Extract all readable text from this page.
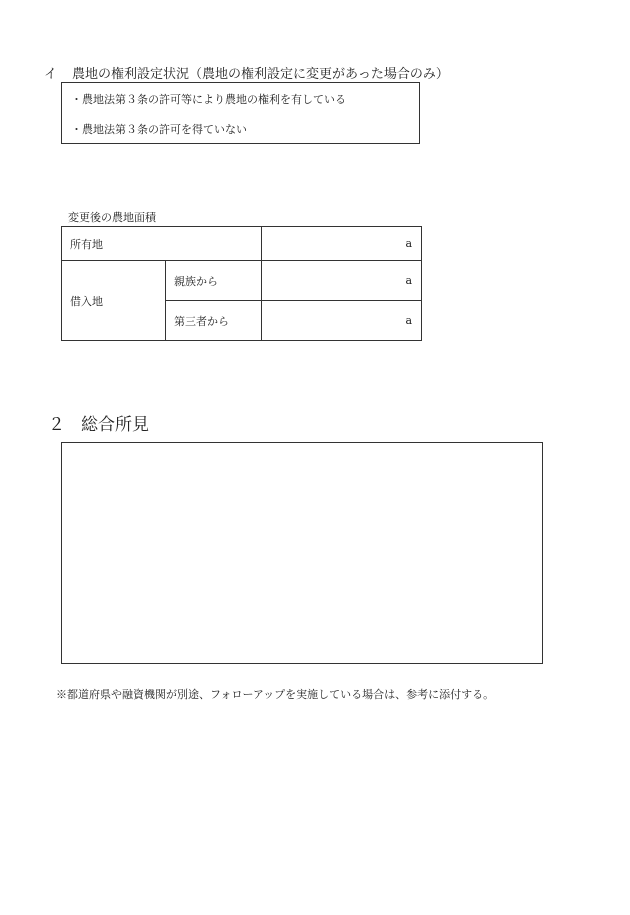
イ 農地の権利設定状況（農地の権利設定に変更があった場合のみ）
・農地法第３条の許可等により農地の権利を有している
・農地法第３条の許可を得ていない
変更後の農地面積
所有地		a
借入地	親族から	a
	第三者から	a
２ 総合所見
※都道府県や融資機関が別途、フォローアップを実施している場合は、参考に添付する。
